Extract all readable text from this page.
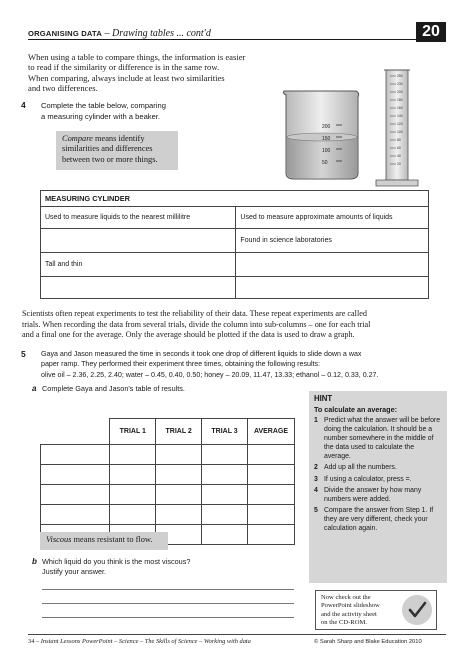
ORGANISING DATA – Drawing tables ... cont'd	20
When using a table to compare things, the information is easier
to read if the similarity or difference is in the same row.
When comparing, always include at least two similarities
and two differences.
4 Complete the table below, comparing
a measuring cylinder with a beaker.
Compare means identify
similarities and differences
between two or more things.
200
150
100
50
250
230
200
180
160
140
120
100
80
60
40
20
MEASURING CYLINDER	
Used to measure liquids to the nearest millilitre	Used to measure approximate amounts of liquids
	Found in science laboratories
Tall and thin	

Scientists often repeat experiments to test the reliability of their data. These repeat experiments are called
trials. When recording the data from several trials, divide the column into sub-columns – one for each trial
and a final one for the average. Only the average should be plotted if the data is used to draw a graph.
5 Gaya and Jason measured the time in seconds it took one drop of different liquids to slide down a wax
paper ramp. They performed their experiment three times, obtaining the following results:
olive oil – 2.36, 2.25, 2.40; water – 0.45, 0.40, 0.50; honey – 20.09, 11.47, 13.33; ethanol – 0.12, 0.33, 0.27.
a Complete Gaya and Jason's table of results.
	TRIAL 1	TRIAL 2	TRIAL 3	AVERAGE

Viscous means resistant to flow.
b Which liquid do you think is the most viscous?
Justify your answer.
HINT
To calculate an average:
1 Predict what the answer will be before doing the calculation. It should be a number somewhere in the middle of the data used to calculate the average.
2 Add up all the numbers.
3 If using a calculator, press =.
4 Divide the answer by how many numbers were added.
5 Compare the answer from Step 1. If they are very different, check your calculation again.
Now check out the
PowerPoint slideshow
and the activity sheet
on the CD-ROM.
34 – Instant Lessons PowerPoint – Science – The Skills of Science – Working with data	© Sarah Sharp and Blake Education 2010
